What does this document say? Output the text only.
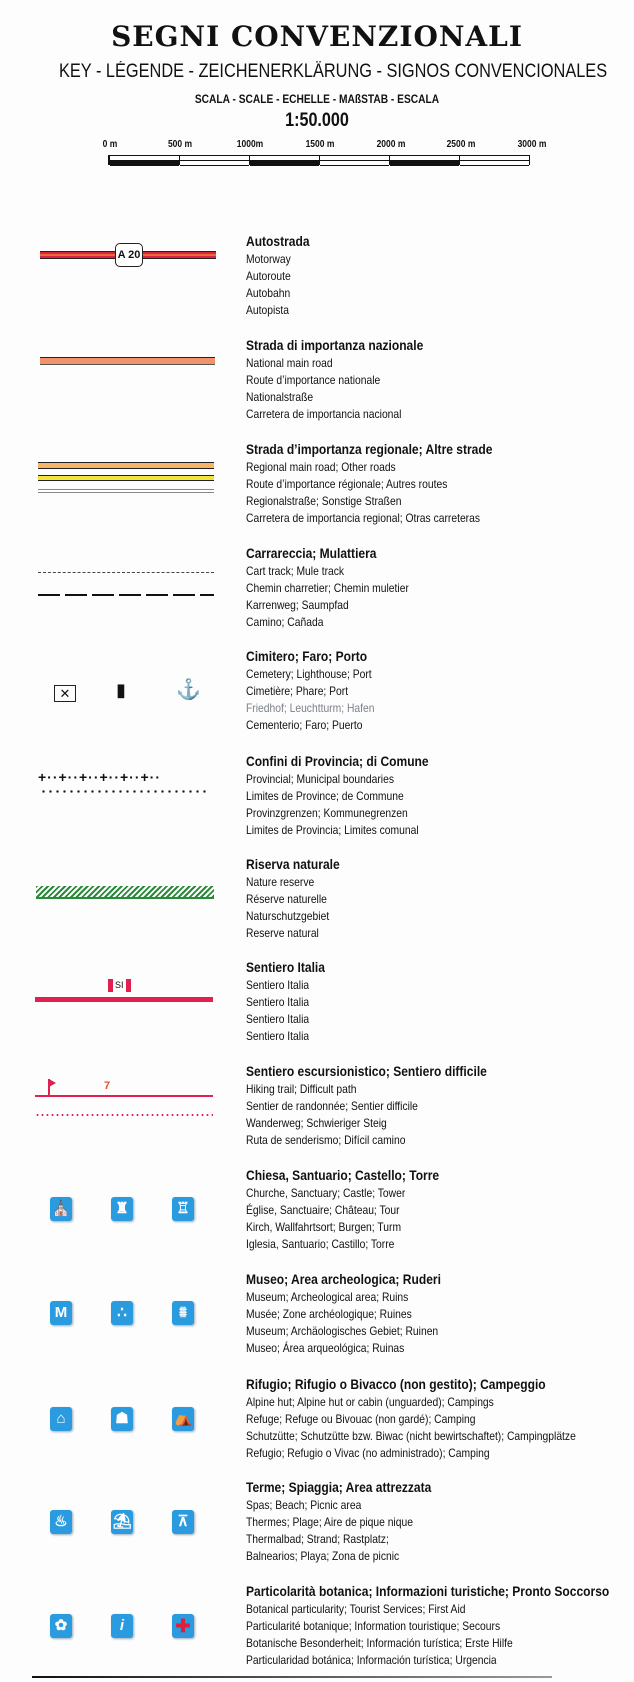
SEGNI CONVENZIONALI
KEY - LÉGENDE - ZEICHENERKLÄRUNG - SIGNOS CONVENCIONALES
SCALA - SCALE - ECHELLE - MAßSTAB - ESCALA
1:50.000
0 m	500 m	1000m	1500 m	2000 m	2500 m	3000 m
A 20
Autostrada
Motorway
Autoroute
Autobahn
Autopista
Strada di importanza nazionale
National main road
Route d’importance nationale
Nationalstraße
Carretera de importancia nacional
Strada d’importanza regionale; Altre strade
Regional main road; Other roads
Route d’importance régionale; Autres routes
Regionalstraße; Sonstige Straßen
Carretera de importancia regional; Otras carreteras
Carrareccia; Mulattiera
Cart track; Mule track
Chemin charretier; Chemin muletier
Karrenweg; Saumpfad
Camino; Cañada
✕	▮	⚓
Cimitero; Faro; Porto
Cemetery; Lighthouse; Port
Cimetière; Phare; Port
Friedhof; Leuchtturm; Hafen
Cementerio; Faro; Puerto
+··+··+··+··+··+··
Confini di Provincia; di Comune
Provincial; Municipal boundaries
Limites de Province; de Commune
Provinzgrenzen; Kommunegrenzen
Limites de Provincia; Limites comunal
Riserva naturale
Nature reserve
Réserve naturelle
Naturschutzgebiet
Reserve natural
SI
Sentiero Italia
Sentiero Italia
Sentiero Italia
Sentiero Italia
Sentiero Italia
7
Sentiero escursionistico; Sentiero difficile
Hiking trail; Difficult path
Sentier de randonnée; Sentier difficile
Wanderweg; Schwieriger Steig
Ruta de senderismo; Difícil camino
⛪	♜	♖
Chiesa, Santuario; Castello; Torre
Churche, Sanctuary; Castle; Tower
Église, Sanctuaire; Château; Tour
Kirch, Wallfahrtsort; Burgen; Turm
Iglesia, Santuario; Castillo; Torre
M	∴	⩩
Museo; Area archeologica; Ruderi
Museum; Archeological area; Ruins
Musée; Zone archéologique; Ruines
Museum; Archäologisches Gebiet; Ruinen
Museo; Área arqueológica; Ruinas
⌂	☗	⛺
Rifugio; Rifugio o Bivacco (non gestito); Campeggio
Alpine hut; Alpine hut or cabin (unguarded); Campings
Refuge; Refuge ou Bivouac (non gardé); Camping
Schutzütte; Schutzütte bzw. Biwac (nicht bewirtschaftet); Campingplätze
Refugio; Refugio o Vivac (no administrado); Camping
♨	⛱	⊼
Terme; Spiaggia; Area attrezzata
Spas; Beach; Picnic area
Thermes; Plage; Aire de pique nique
Thermalbad; Strand; Rastplatz;
Balnearios; Playa; Zona de picnic
✿	i	✚
Particolarità botanica; Informazioni turistiche; Pronto Soccorso
Botanical particularity; Tourist Services; First Aid
Particularité botanique; Information touristique; Secours
Botanische Besonderheit; Información turística; Erste Hilfe
Particularidad botánica; Información turística; Urgencia
